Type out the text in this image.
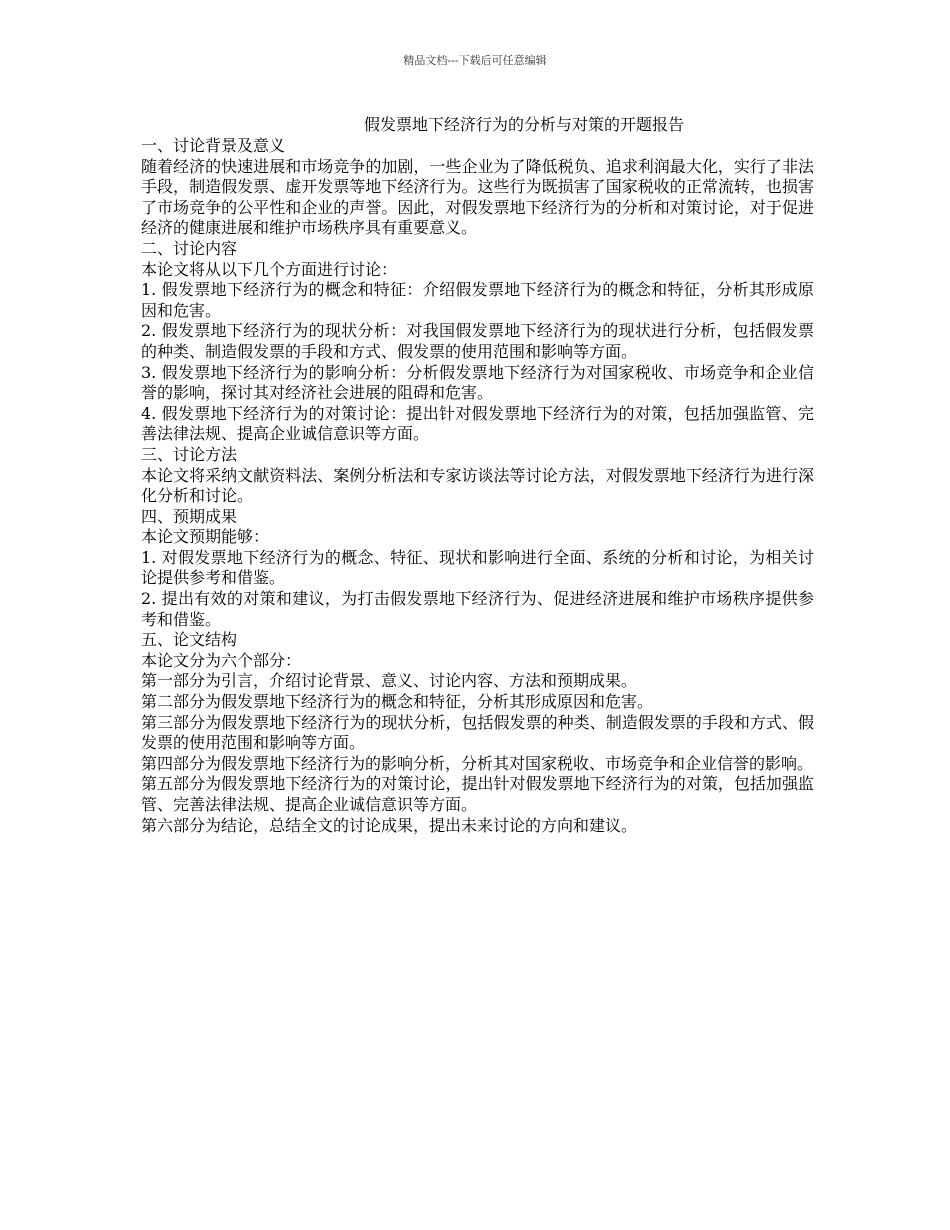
精品文档---下载后可任意编辑
假发票地下经济行为的分析与对策的开题报告

一、讨论背景及意义

随着经济的快速进展和市场竞争的加剧，一些企业为了降低税负、追求利润最大化，实行了非法手段，制造假发票、虚开发票等地下经济行为。这些行为既损害了国家税收的正常流转，也损害了市场竞争的公平性和企业的声誉。因此，对假发票地下经济行为的分析和对策讨论，对于促进经济的健康进展和维护市场秩序具有重要意义。

二、讨论内容

本论文将从以下几个方面进行讨论：

1. 假发票地下经济行为的概念和特征：介绍假发票地下经济行为的概念和特征，分析其形成原因和危害。

2. 假发票地下经济行为的现状分析：对我国假发票地下经济行为的现状进行分析，包括假发票的种类、制造假发票的手段和方式、假发票的使用范围和影响等方面。

3. 假发票地下经济行为的影响分析：分析假发票地下经济行为对国家税收、市场竞争和企业信誉的影响，探讨其对经济社会进展的阻碍和危害。

4. 假发票地下经济行为的对策讨论：提出针对假发票地下经济行为的对策，包括加强监管、完善法律法规、提高企业诚信意识等方面。

三、讨论方法

本论文将采纳文献资料法、案例分析法和专家访谈法等讨论方法，对假发票地下经济行为进行深化分析和讨论。

四、预期成果

本论文预期能够：

1. 对假发票地下经济行为的概念、特征、现状和影响进行全面、系统的分析和讨论，为相关讨论提供参考和借鉴。

2. 提出有效的对策和建议，为打击假发票地下经济行为、促进经济进展和维护市场秩序提供参考和借鉴。

五、论文结构

本论文分为六个部分：

第一部分为引言，介绍讨论背景、意义、讨论内容、方法和预期成果。

第二部分为假发票地下经济行为的概念和特征，分析其形成原因和危害。

第三部分为假发票地下经济行为的现状分析，包括假发票的种类、制造假发票的手段和方式、假发票的使用范围和影响等方面。

第四部分为假发票地下经济行为的影响分析，分析其对国家税收、市场竞争和企业信誉的影响。

第五部分为假发票地下经济行为的对策讨论，提出针对假发票地下经济行为的对策，包括加强监管、完善法律法规、提高企业诚信意识等方面。

第六部分为结论，总结全文的讨论成果，提出未来讨论的方向和建议。
